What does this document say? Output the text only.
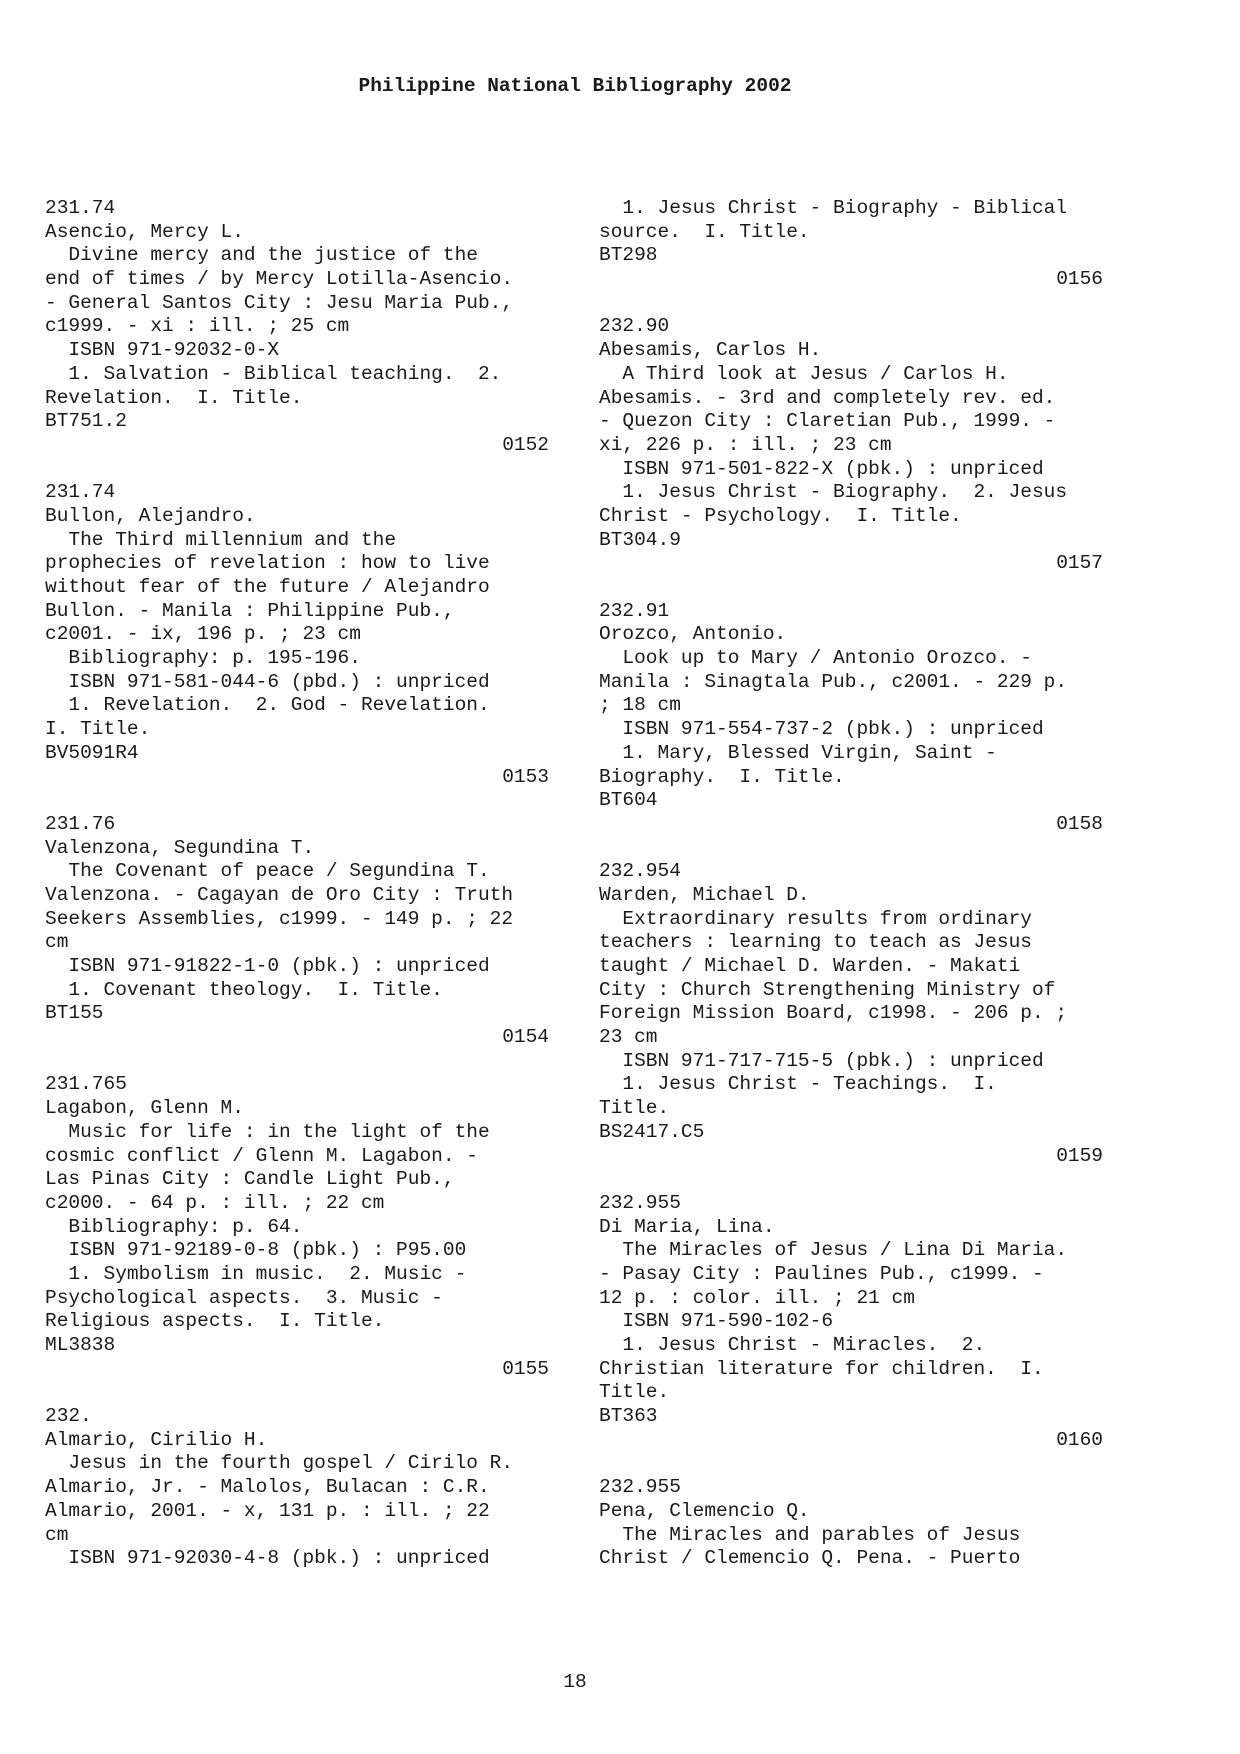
Philippine National Bibliography 2002
231.74
Asencio, Mercy L.
Divine mercy and the justice of the
end of times / by Mercy Lotilla-Asencio.
- General Santos City : Jesu Maria Pub.,
c1999. - xi : ill. ; 25 cm
ISBN 971-92032-0-X
1. Salvation - Biblical teaching.  2.
Revelation.  I. Title.
BT751.2
0152
231.74
Bullon, Alejandro.
The Third millennium and the
prophecies of revelation : how to live
without fear of the future / Alejandro
Bullon. - Manila : Philippine Pub.,
c2001. - ix, 196 p. ; 23 cm
Bibliography: p. 195-196.
ISBN 971-581-044-6 (pbd.) : unpriced
1. Revelation.  2. God - Revelation.
I. Title.
BV5091R4
0153
231.76
Valenzona, Segundina T.
The Covenant of peace / Segundina T.
Valenzona. - Cagayan de Oro City : Truth
Seekers Assemblies, c1999. - 149 p. ; 22
cm
ISBN 971-91822-1-0 (pbk.) : unpriced
1. Covenant theology.  I. Title.
BT155
0154
231.765
Lagabon, Glenn M.
Music for life : in the light of the
cosmic conflict / Glenn M. Lagabon. -
Las Pinas City : Candle Light Pub.,
c2000. - 64 p. : ill. ; 22 cm
Bibliography: p. 64.
ISBN 971-92189-0-8 (pbk.) : P95.00
1. Symbolism in music.  2. Music -
Psychological aspects.  3. Music -
Religious aspects.  I. Title.
ML3838
0155
232.
Almario, Cirilio H.
Jesus in the fourth gospel / Cirilo R.
Almario, Jr. - Malolos, Bulacan : C.R.
Almario, 2001. - x, 131 p. : ill. ; 22
cm
ISBN 971-92030-4-8 (pbk.) : unpriced
1. Jesus Christ - Biography - Biblical
source.  I. Title.
BT298
0156
232.90
Abesamis, Carlos H.
A Third look at Jesus / Carlos H.
Abesamis. - 3rd and completely rev. ed.
- Quezon City : Claretian Pub., 1999. -
xi, 226 p. : ill. ; 23 cm
ISBN 971-501-822-X (pbk.) : unpriced
1. Jesus Christ - Biography.  2. Jesus
Christ - Psychology.  I. Title.
BT304.9
0157
232.91
Orozco, Antonio.
Look up to Mary / Antonio Orozco. -
Manila : Sinagtala Pub., c2001. - 229 p.
; 18 cm
ISBN 971-554-737-2 (pbk.) : unpriced
1. Mary, Blessed Virgin, Saint -
Biography.  I. Title.
BT604
0158
232.954
Warden, Michael D.
Extraordinary results from ordinary
teachers : learning to teach as Jesus
taught / Michael D. Warden. - Makati
City : Church Strengthening Ministry of
Foreign Mission Board, c1998. - 206 p. ;
23 cm
ISBN 971-717-715-5 (pbk.) : unpriced
1. Jesus Christ - Teachings.  I.
Title.
BS2417.C5
0159
232.955
Di Maria, Lina.
The Miracles of Jesus / Lina Di Maria.
- Pasay City : Paulines Pub., c1999. -
12 p. : color. ill. ; 21 cm
ISBN 971-590-102-6
1. Jesus Christ - Miracles.  2.
Christian literature for children.  I.
Title.
BT363
0160
232.955
Pena, Clemencio Q.
The Miracles and parables of Jesus
Christ / Clemencio Q. Pena. - Puerto
18
